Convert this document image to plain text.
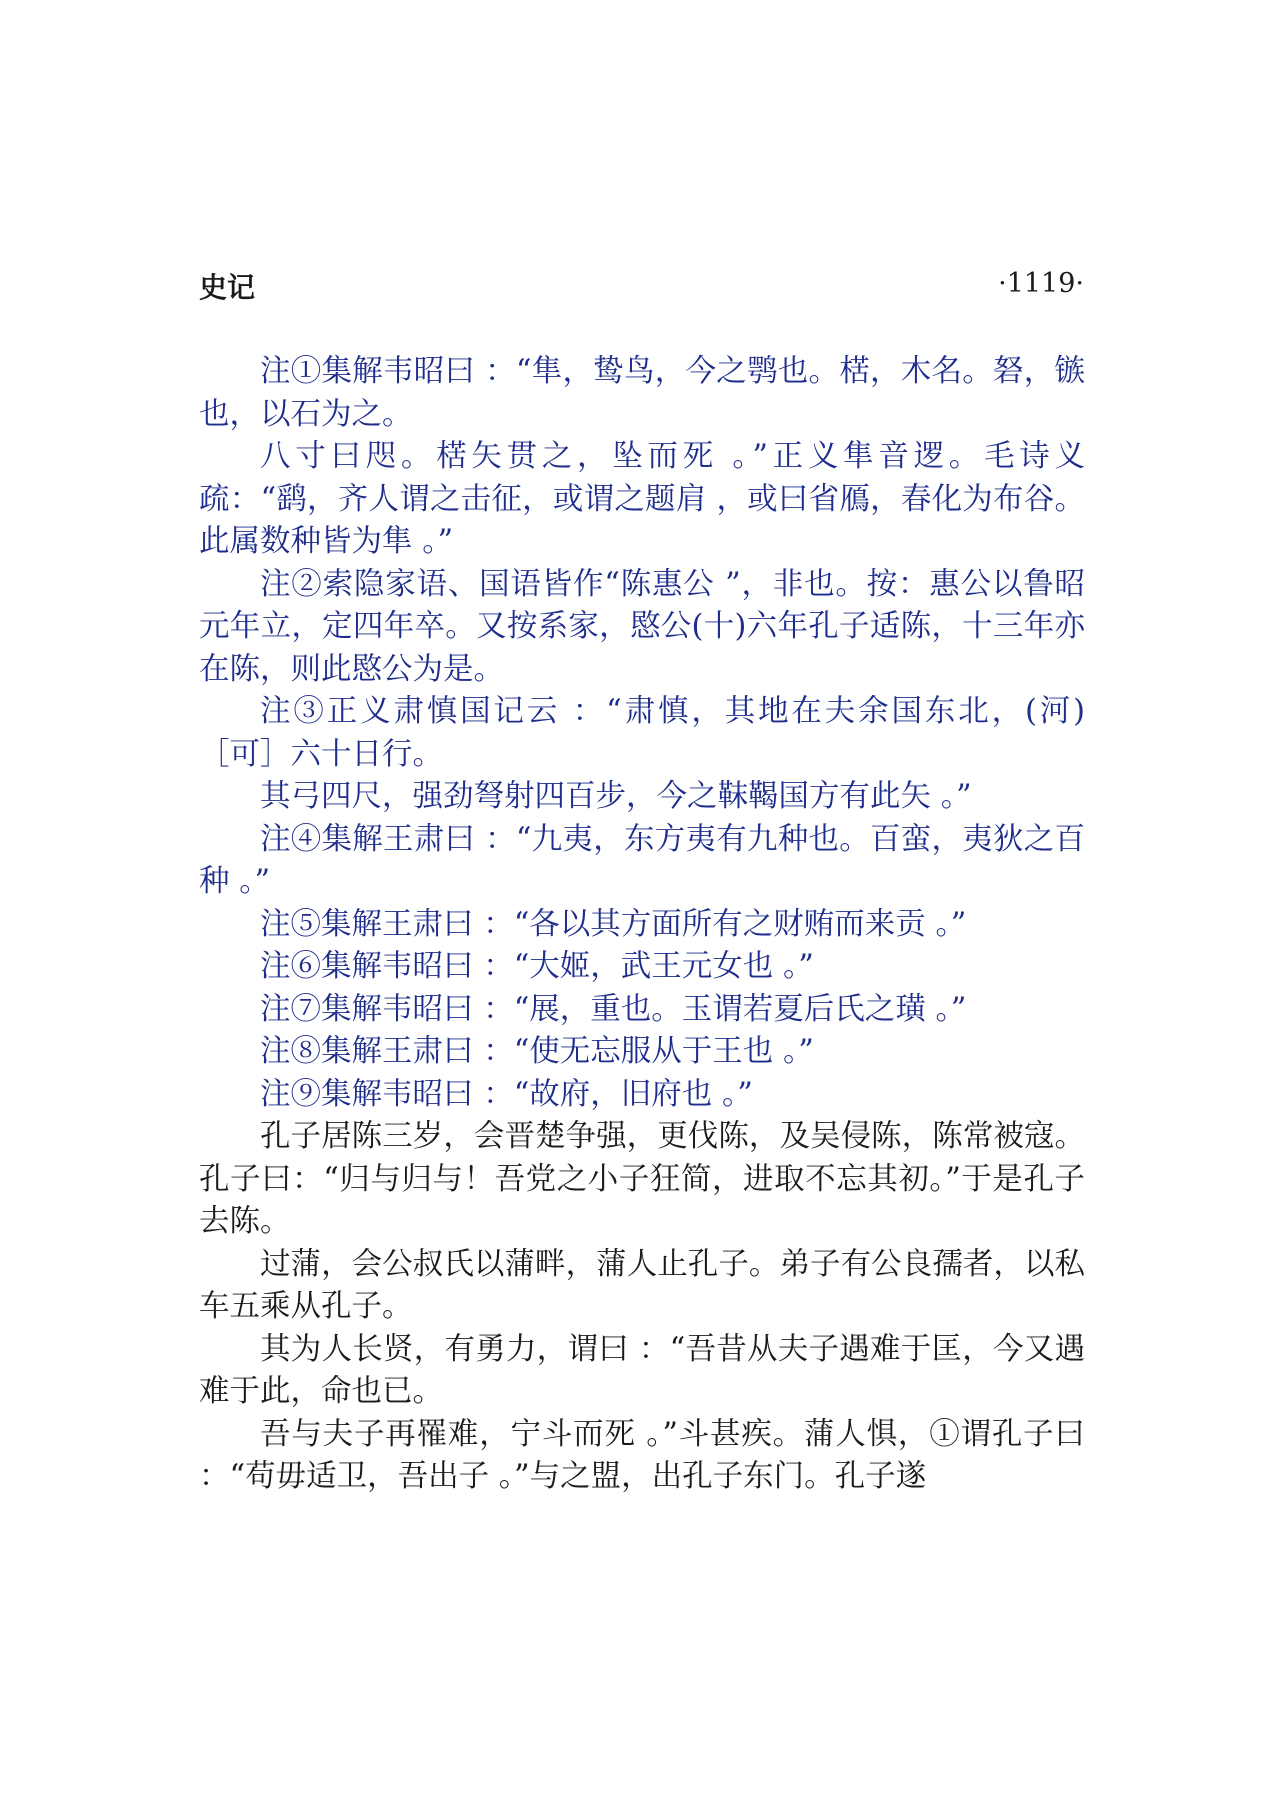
史记	·1119·

注①集解韦昭曰 ：“隼，鸷鸟，今之鹗也。楛，木名。砮，镞也，以石为之。

八寸曰咫。楛矢贯之，坠而死 。”正义隼音逻。毛诗义疏：“鹞，齐人谓之击征，或谓之题肩 ，或曰省鴈，春化为布谷。此属数种皆为隼 。”

注②索隐家语、国语皆作“陈惠公 ”，非也。按：惠公以鲁昭元年立，定四年卒。又按系家，愍公(十)六年孔子适陈，十三年亦在陈，则此愍公为是。

注③正义肃慎国记云 ：“肃慎，其地在夫余国东北，(河)［可］六十日行。

其弓四尺，强劲弩射四百步，今之靺鞨国方有此矢 。”

注④集解王肃曰 ：“九夷，东方夷有九种也。百蛮，夷狄之百种 。”

注⑤集解王肃曰 ：“各以其方面所有之财贿而来贡 。”

注⑥集解韦昭曰 ：“大姬，武王元女也 。”

注⑦集解韦昭曰 ：“展，重也。玉谓若夏后氏之璜 。”

注⑧集解王肃曰 ：“使无忘服从于王也 。”

注⑨集解韦昭曰 ：“故府，旧府也 。”

孔子居陈三岁，会晋楚争强，更伐陈，及吴侵陈，陈常被寇。孔子曰：“归与归与！吾党之小子狂简，进取不忘其初。”于是孔子去陈。

过蒲，会公叔氏以蒲畔，蒲人止孔子。弟子有公良孺者，以私车五乘从孔子。

其为人长贤，有勇力，谓曰 ：“吾昔从夫子遇难于匡，今又遇难于此，命也已。

吾与夫子再罹难，宁斗而死 。”斗甚疾。蒲人惧，①谓孔子曰 ：“苟毋适卫，吾出子 。”与之盟，出孔子东门。孔子遂
